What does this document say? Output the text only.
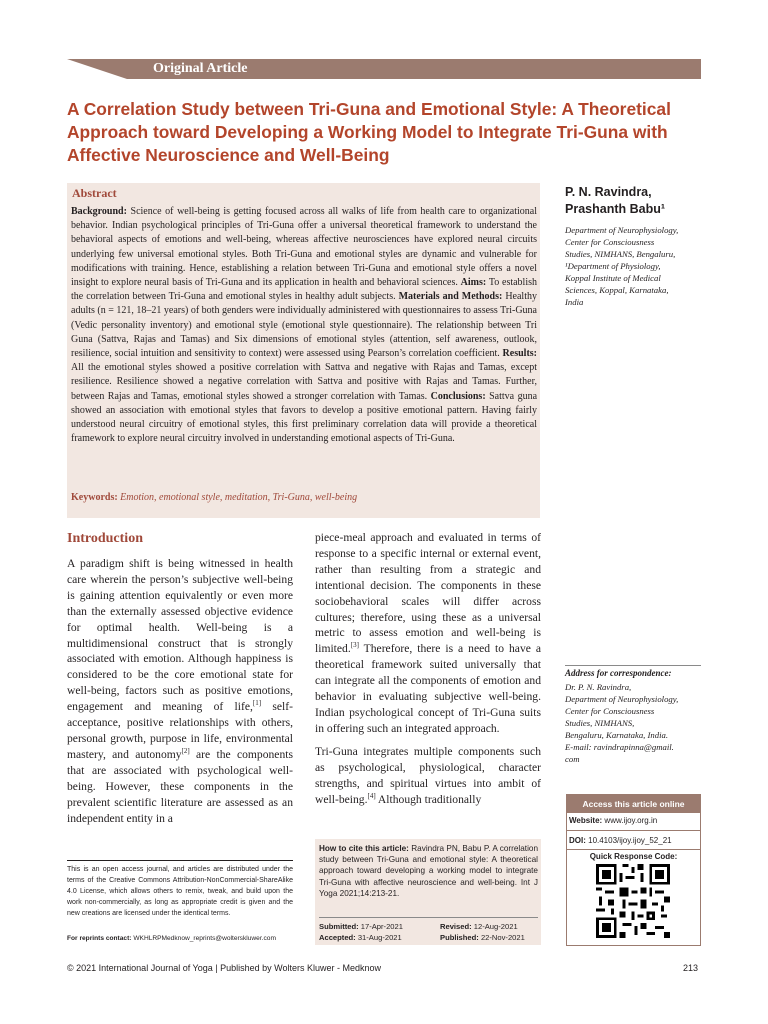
Original Article
A Correlation Study between Tri-Guna and Emotional Style: A Theoretical Approach toward Developing a Working Model to Integrate Tri-Guna with Affective Neuroscience and Well-Being
Abstract
Background: Science of well-being is getting focused across all walks of life from health care to organizational behavior. Indian psychological principles of Tri-Guna offer a universal theoretical framework to understand the behavioral aspects of emotions and well-being, whereas affective neurosciences have explored neural circuits underlying few universal emotional styles. Both Tri-Guna and emotional styles are dynamic and vulnerable for modifications with training. Hence, establishing a relation between Tri-Guna and emotional style offers a novel insight to explore neural basis of Tri-Guna and its application in health and behavioral sciences. Aims: To establish the correlation between Tri-Guna and emotional styles in healthy adult subjects. Materials and Methods: Healthy adults (n = 121, 18–21 years) of both genders were individually administered with questionnaires to assess Tri-Guna (Vedic personality inventory) and emotional style (emotional style questionnaire). The relationship between Tri Guna (Sattva, Rajas and Tamas) and Six dimensions of emotional styles (attention, self awareness, outlook, resilience, social intuition and sensitivity to context) were assessed using Pearson’s correlation coefficient. Results: All the emotional styles showed a positive correlation with Sattva and negative with Rajas and Tamas, except resilience. Resilience showed a negative correlation with Sattva and positive with Rajas and Tamas. Further, between Rajas and Tamas, emotional styles showed a stronger correlation with Tamas. Conclusions: Sattva guna showed an association with emotional styles that favors to develop a positive emotional pattern. Having fairly understood neural circuitry of emotional styles, this first preliminary correlation data will provide a theoretical framework to explore neural circuitry involved in understanding emotional aspects of Tri-Guna.
Keywords: Emotion, emotional style, meditation, Tri-Guna, well-being
P. N. Ravindra,
Prashanth Babu¹
Department of Neurophysiology,
Center for Consciousness
Studies, NIMHANS, Bengaluru,
¹Department of Physiology,
Koppal Institute of Medical
Sciences, Koppal, Karnataka,
India
Address for correspondence:
Dr. P. N. Ravindra,
Department of Neurophysiology,
Center for Consciousness
Studies, NIMHANS,
Bengaluru, Karnataka, India.
E-mail: ravindrapinna@gmail.
com
Access this article online
Website: www.ijoy.org.in
DOI: 10.4103/ijoy.ijoy_52_21
Quick Response Code:
Introduction
A paradigm shift is being witnessed in health care wherein the person’s subjective well-being is gaining attention equivalently or even more than the externally assessed objective evidence for optimal health. Well-being is a multidimensional construct that is strongly associated with emotion. Although happiness is considered to be the core emotional state for well-being, factors such as positive emotions, engagement and meaning of life,[1] self-acceptance, positive relationships with others, personal growth, purpose in life, environmental mastery, and autonomy[2] are the components that are associated with psychological well-being. However, these components in the prevalent scientific literature are assessed as an independent entity in a

piece-meal approach and evaluated in terms of response to a specific internal or external event, rather than resulting from a strategic and intentional decision. The components in these sociobehavioral scales will differ across cultures; therefore, using these as a universal metric to assess emotion and well-being is limited.[3] Therefore, there is a need to have a theoretical framework suited universally that can integrate all the components of emotion and behavior in evaluating subjective well-being. Indian psychological concept of Tri-Guna suits in offering such an integrated approach.

Tri-Guna integrates multiple components such as psychological, physiological, character strengths, and spiritual virtues into ambit of well-being.[4] Although traditionally

This is an open access journal, and articles are distributed under the terms of the Creative Commons Attribution-NonCommercial-ShareAlike 4.0 License, which allows others to remix, tweak, and build upon the work non-commercially, as long as appropriate credit is given and the new creations are licensed under the identical terms.
For reprints contact: WKHLRPMedknow_reprints@wolterskluwer.com
How to cite this article: Ravindra PN, Babu P. A correlation study between Tri-Guna and emotional style: A theoretical approach toward developing a working model to integrate Tri-Guna with affective neuroscience and well-being. Int J Yoga 2021;14:213-21.
Submitted: 17-Apr-2021	Revised: 12-Aug-2021
Accepted: 31-Aug-2021	Published: 22-Nov-2021
© 2021 International Journal of Yoga | Published by Wolters Kluwer - Medknow	213
